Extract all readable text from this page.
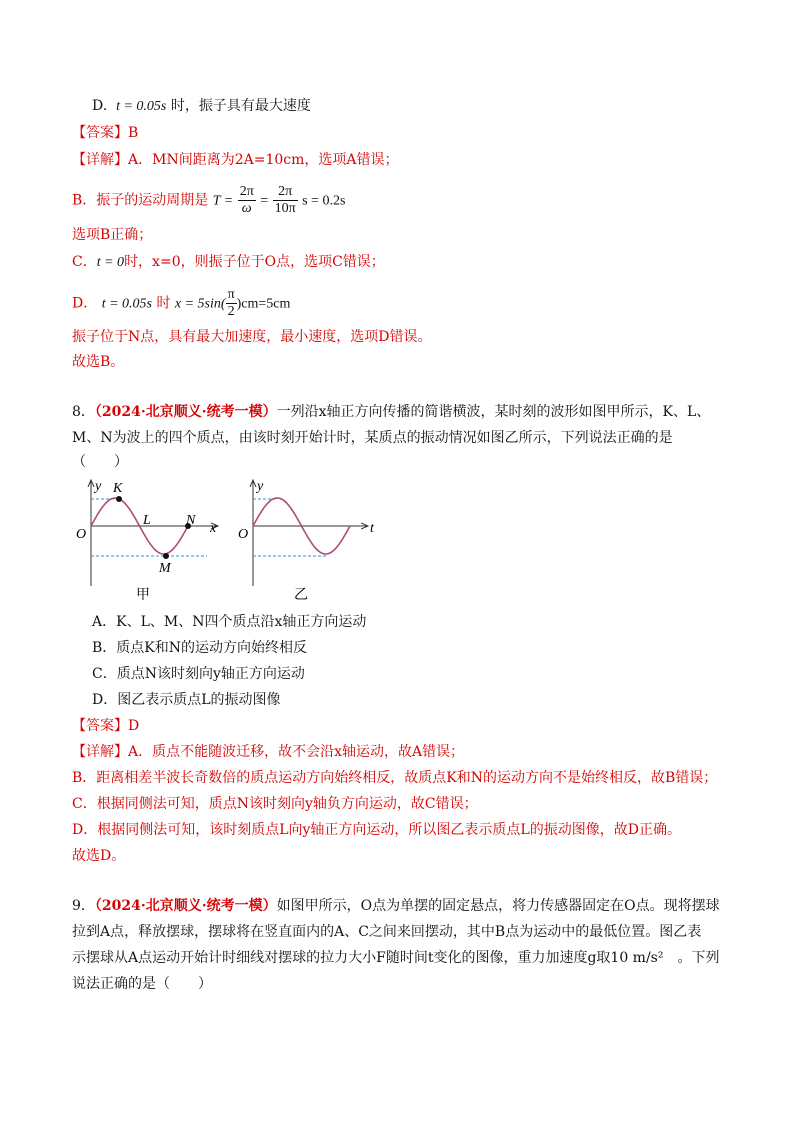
D. t = 0.05s 时，振子具有最大速度
【答案】B
【详解】A．MN间距离为2A=10cm，选项A错误；
B．振子的运动周期是 $T = \frac{2\pi}{\omega} = \frac{2\pi}{10\pi}$ s = 0.2s
选项B正确；
C．t = 0时，x=0，则振子位于O点，选项C错误；
D． t = 0.05s 时 $x = 5\sin( \frac{\pi}{2} )cm=5cm$
振子位于N点，具有最大加速度，最小速度，选项D错误。
故选B。
8．（2024·北京顺义·统考一模）一列沿x轴正方向传播的简谐横波，某时刻的波形如图甲所示，K、L、
M、N为波上的四个质点，由该时刻开始计时，某质点的振动情况如图乙所示，下列说法正确的是
（　　）
y
x
O
K
L
M
N
甲
y
t
O
乙
A．K、L、M、N四个质点沿x轴正方向运动
B．质点K和N的运动方向始终相反
C．质点N该时刻向y轴正方向运动
D．图乙表示质点L的振动图像
【答案】D
【详解】A．质点不能随波迁移，故不会沿x轴运动，故A错误；
B．距离相差半波长奇数倍的质点运动方向始终相反，故质点K和N的运动方向不是始终相反，故B错误；
C．根据同侧法可知，质点N该时刻向y轴负方向运动，故C错误；
D．根据同侧法可知，该时刻质点L向y轴正方向运动，所以图乙表示质点L的振动图像，故D正确。
故选D。
9．（2024·北京顺义·统考一模）如图甲所示，O点为单摆的固定悬点，将力传感器固定在O点。现将摆球
拉到A点，释放摆球，摆球将在竖直面内的A、C之间来回摆动，其中B点为运动中的最低位置。图乙表
示摆球从A点运动开始计时细线对摆球的拉力大小F随时间t变化的图像，重力加速度g取10 m/s²　。下列
说法正确的是（　　）
